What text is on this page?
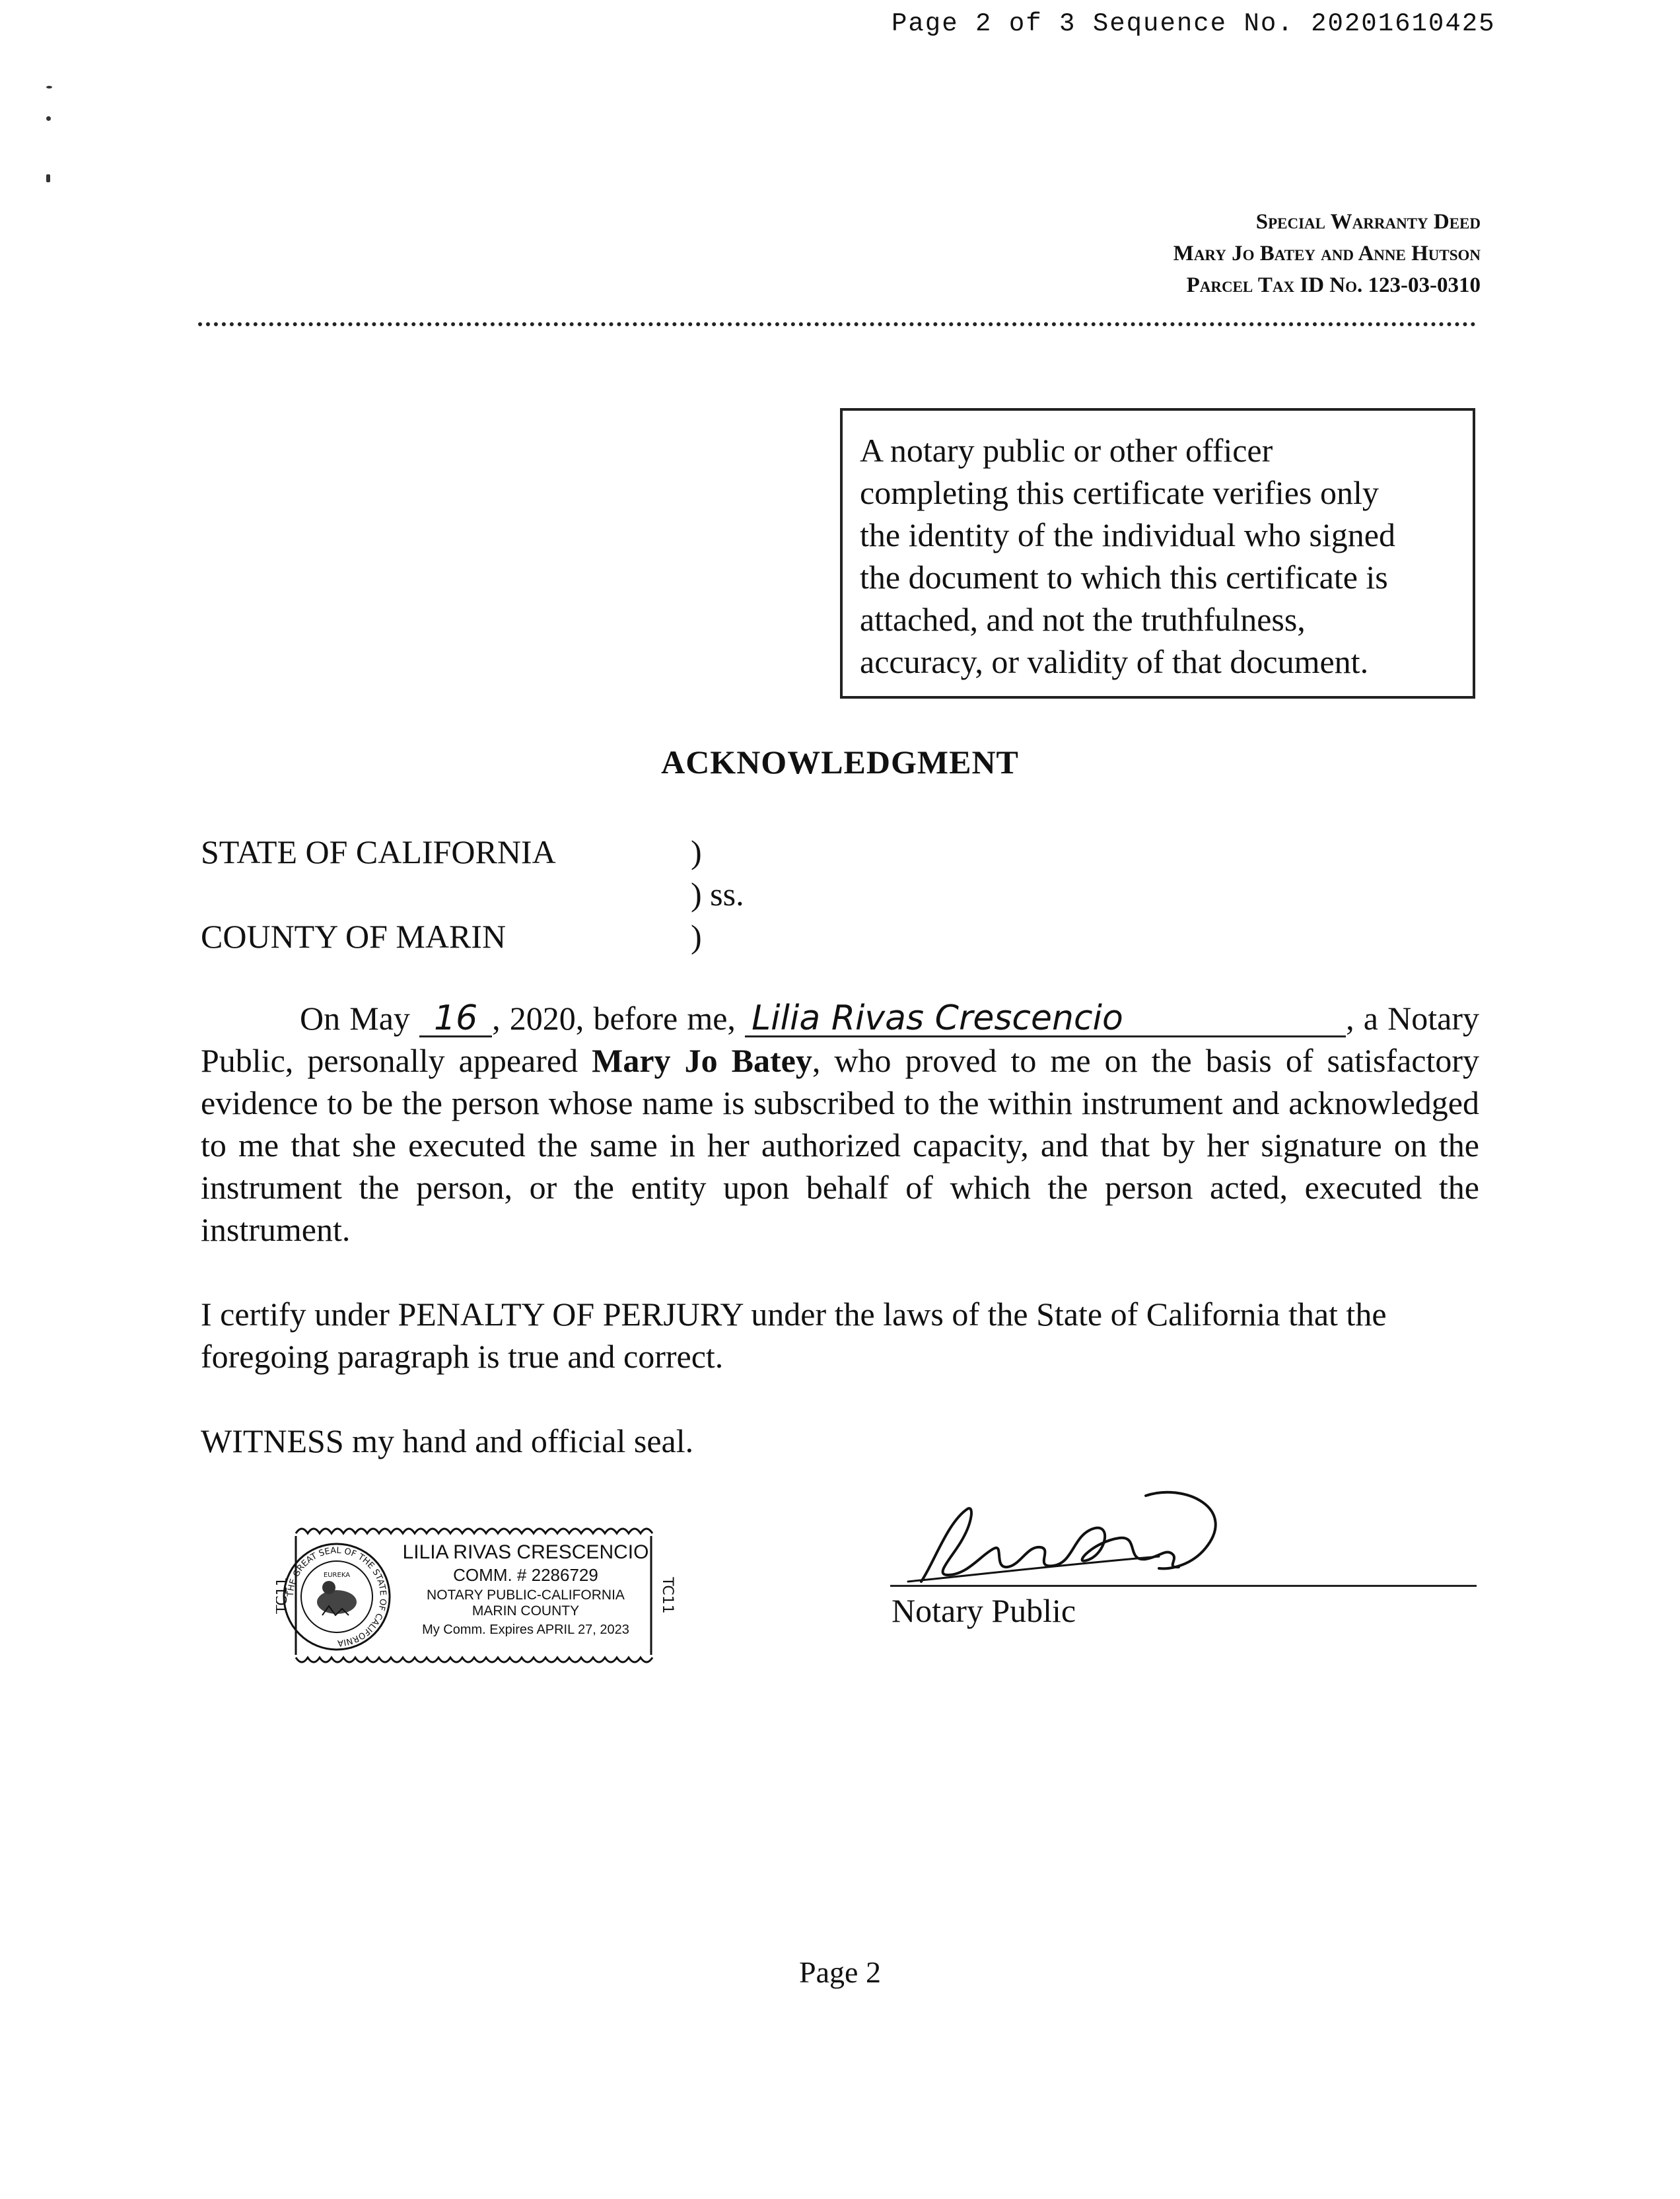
Page 2 of 3 Sequence No. 20201610425
Special Warranty Deed
Mary Jo Batey and Anne Hutson
Parcel Tax ID No. 123-03-0310
A notary public or other officer
completing this certificate verifies only
the identity of the individual who signed
the document to which this certificate is
attached, and not the truthfulness,
accuracy, or validity of that document.
ACKNOWLEDGMENT
STATE OF CALIFORNIA
COUNTY OF MARIN
)
) ss.
)
On May 16 , 2020, before me, Lilia Rivas Crescencio	, a Notary Public, personally appeared Mary Jo Batey, who proved to me on the basis of satisfactory evidence to be the person whose name is subscribed to the within instrument and acknowledged to me that she executed the same in her authorized capacity, and that by her signature on the instrument the person, or the entity upon behalf of which the person acted, executed the instrument.
I certify under PENALTY OF PERJURY under the laws of the State of California that the foregoing paragraph is true and correct.
WITNESS my hand and official seal.
THE GREAT SEAL OF THE STATE OF CALIFORNIA
EUREKA
TC11	TC11
LILIA RIVAS CRESCENCIO
COMM. # 2286729
NOTARY PUBLIC-CALIFORNIA
MARIN COUNTY
My Comm. Expires APRIL 27, 2023
Notary Public
Page 2
